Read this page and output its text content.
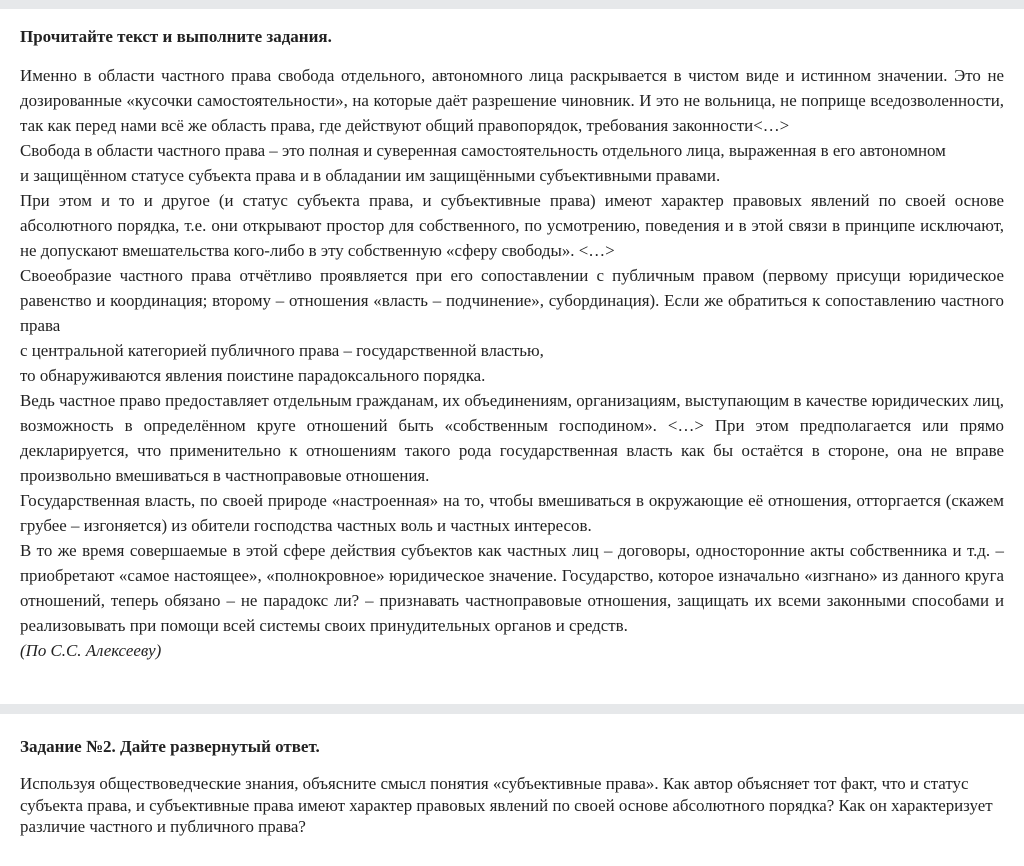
Прочитайте текст и выполните задания.

Именно в области частного права свобода отдельного, автономного лица раскрывается в чистом виде и истинном значении. Это не дозированные «кусочки самостоятельности», на которые даёт разрешение чиновник. И это не вольница, не поприще вседозволенности, так как перед нами всё же область права, где действуют общий правопорядок, требования законности<…>

Свобода в области частного права – это полная и суверенная самостоятельность отдельного лица, выраженная в его автономном

и защищённом статусе субъекта права и в обладании им защищёнными субъективными правами.

При этом и то и другое (и статус субъекта права, и субъективные права) имеют характер правовых явлений по своей основе абсолютного порядка, т.е. они открывают простор для собственного, по усмотрению, поведения и в этой связи в принципе исключают, не допускают вмешательства кого-либо в эту собственную «сферу свободы». <…>

Своеобразие частного права отчётливо проявляется при его сопоставлении с публичным правом (первому присущи юридическое равенство и координация; второму – отношения «власть – подчинение», субординация). Если же обратиться к сопоставлению частного права

с центральной категорией публичного права – государственной властью,

то обнаруживаются явления поистине парадоксального порядка.

Ведь частное право предоставляет отдельным гражданам, их объединениям, организациям, выступающим в качестве юридических лиц, возможность в определённом круге отношений быть «собственным господином». <…> При этом предполагается или прямо декларируется, что применительно к отношениям такого рода государственная власть как бы остаётся в стороне, она не вправе произвольно вмешиваться в частноправовые отношения.

Государственная власть, по своей природе «настроенная» на то, чтобы вмешиваться в окружающие её отношения, отторгается (скажем грубее – изгоняется) из обители господства частных воль и частных интересов.

В то же время совершаемые в этой сфере действия субъектов как частных лиц – договоры, односторонние акты собственника и т.д. – приобретают «самое настоящее», «полнокровное» юридическое значение. Государство, которое изначально «изгнано» из данного круга отношений, теперь обязано – не парадокс ли? – признавать частноправовые отношения, защищать их всеми законными способами и реализовывать при помощи всей системы своих принудительных органов и средств.

(По С.С. Алексееву)

Задание №2. Дайте развернутый ответ.

Используя обществоведческие знания, объясните смысл понятия «субъективные права». Как автор объясняет тот факт, что и статус субъекта права, и субъективные права имеют характер правовых явлений по своей основе абсолютного порядка? Как он характеризует различие частного и публичного права?
